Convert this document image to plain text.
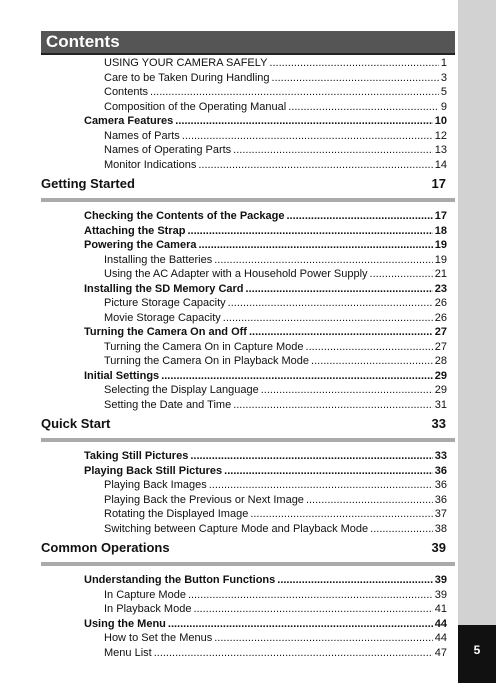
5
Contents
USING YOUR CAMERA SAFELY .....	1
Care to be Taken During Handling .....	3
Contents .....	5
Composition of the Operating Manual .....	9
Camera Features .....	10
Names of Parts .....	12
Names of Operating Parts .....	13
Monitor Indications .....	14
Getting Started	17
Checking the Contents of the Package .....	17
Attaching the Strap .....	18
Powering the Camera .....	19
Installing the Batteries .....	19
Using the AC Adapter with a Household Power Supply .....	21
Installing the SD Memory Card .....	23
Picture Storage Capacity .....	26
Movie Storage Capacity .....	26
Turning the Camera On and Off .....	27
Turning the Camera On in Capture Mode .....	27
Turning the Camera On in Playback Mode .....	28
Initial Settings .....	29
Selecting the Display Language .....	29
Setting the Date and Time .....	31
Quick Start	33
Taking Still Pictures .....	33
Playing Back Still Pictures .....	36
Playing Back Images .....	36
Playing Back the Previous or Next Image .....	36
Rotating the Displayed Image .....	37
Switching between Capture Mode and Playback Mode .....	38
Common Operations	39
Understanding the Button Functions .....	39
In Capture Mode .....	39
In Playback Mode .....	41
Using the Menu .....	44
How to Set the Menus .....	44
Menu List .....	47
